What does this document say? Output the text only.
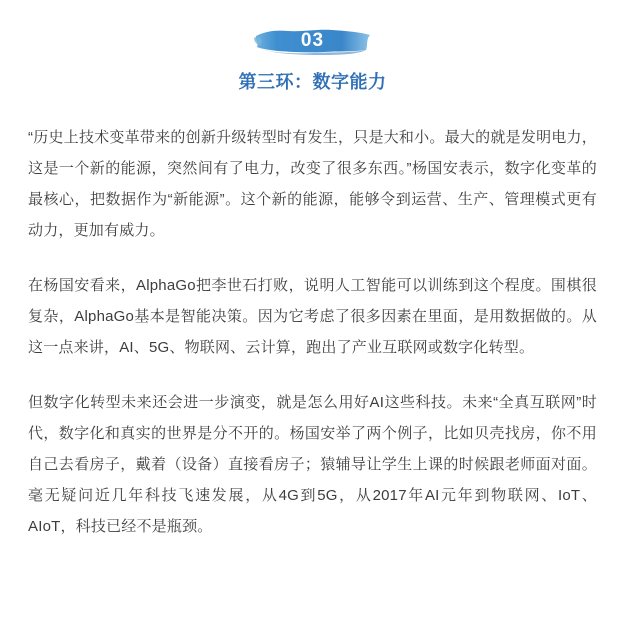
03
第三环：数字能力

“历史上技术变革带来的创新升级转型时有发生，只是大和小。最大的就是发明电力，这是一个新的能源，突然间有了电力，改变了很多东西。”杨国安表示，数字化变革的最核心，把数据作为“新能源”。这个新的能源，能够令到运营、生产、管理模式更有动力，更加有威力。

在杨国安看来，AlphaGo把李世石打败，说明人工智能可以训练到这个程度。围棋很复杂，AlphaGo基本是智能决策。因为它考虑了很多因素在里面，是用数据做的。从这一点来讲，AI、5G、物联网、云计算，跑出了产业互联网或数字化转型。

但数字化转型未来还会进一步演变，就是怎么用好AI这些科技。未来“全真互联网”时代，数字化和真实的世界是分不开的。杨国安举了两个例子，比如贝壳找房，你不用自己去看房子，戴着（设备）直接看房子；猿辅导让学生上课的时候跟老师面对面。毫无疑问近几年科技飞速发展，从4G到5G，从2017年AI元年到物联网、IoT、AIoT，科技已经不是瓶颈。
